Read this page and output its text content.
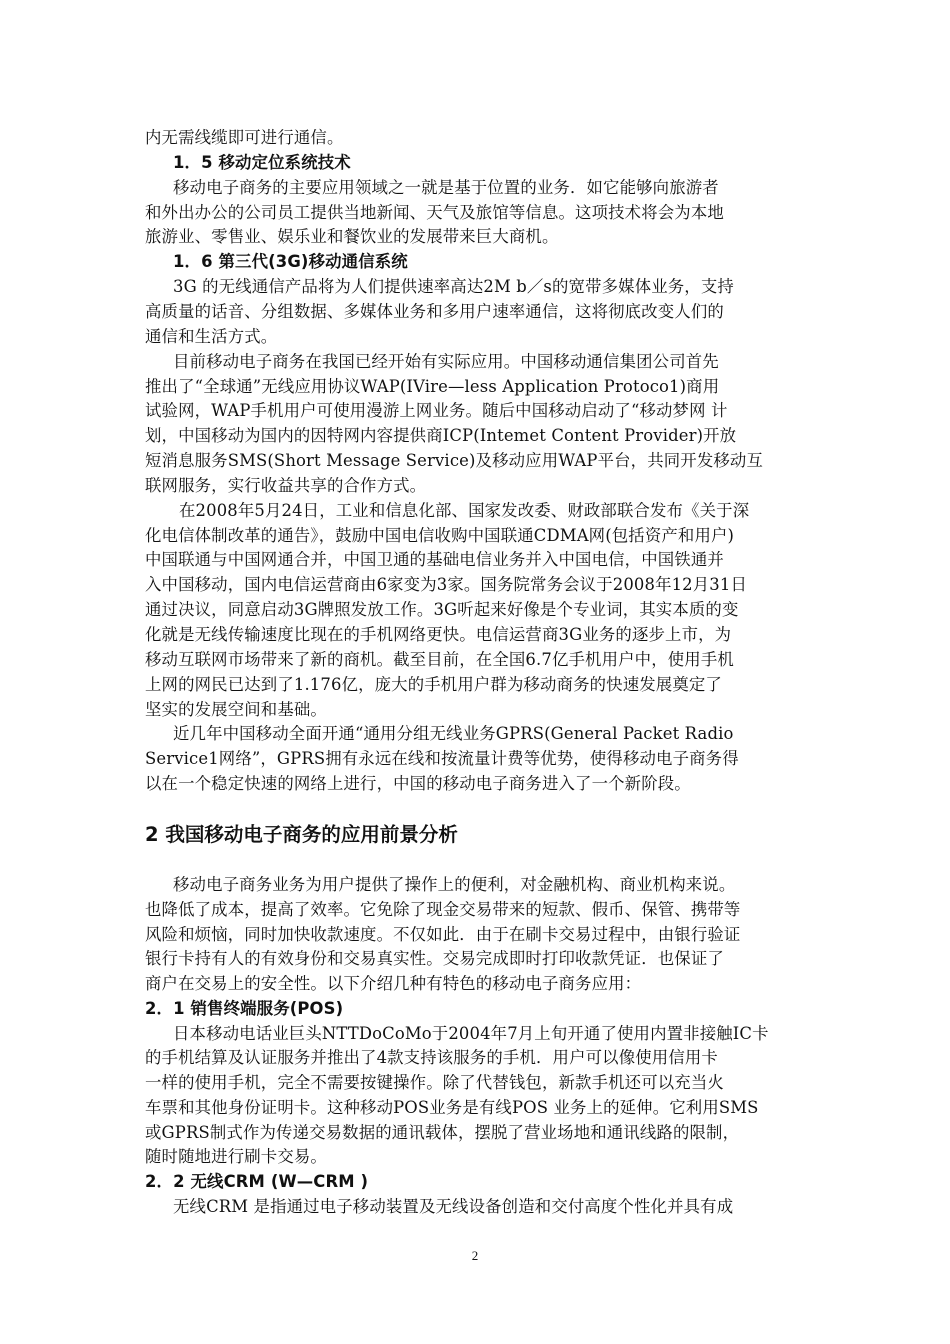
内无需线缆即可进行通信。
1．5 移动定位系统技术
移动电子商务的主要应用领域之一就是基于位置的业务．如它能够向旅游者
和外出办公的公司员工提供当地新闻、天气及旅馆等信息。这项技术将会为本地
旅游业、零售业、娱乐业和餐饮业的发展带来巨大商机。
1．6 第三代(3G)移动通信系统
3G 的无线通信产品将为人们提供速率高达2M b／s的宽带多媒体业务，支持
高质量的话音、分组数据、多媒体业务和多用户速率通信，这将彻底改变人们的
通信和生活方式。
目前移动电子商务在我国已经开始有实际应用。中国移动通信集团公司首先
推出了“全球通”无线应用协议WAP(IVire—less Application Protoco1)商用
试验网，WAP手机用户可使用漫游上网业务。随后中国移动启动了“移动梦网 计
划，中国移动为国内的因特网内容提供商ICP(Intemet Content Provider)开放
短消息服务SMS(Short Message Service)及移动应用WAP平台，共同开发移动互
联网服务，实行收益共享的合作方式。
在2008年5月24日，工业和信息化部、国家发改委、财政部联合发布《关于深
化电信体制改革的通告》，鼓励中国电信收购中国联通CDMA网(包括资产和用户)
中国联通与中国网通合并，中国卫通的基础电信业务并入中国电信，中国铁通并
入中国移动，国内电信运营商由6家变为3家。国务院常务会议于2008年12月31日
通过决议，同意启动3G牌照发放工作。3G听起来好像是个专业词，其实本质的变
化就是无线传输速度比现在的手机网络更快。电信运营商3G业务的逐步上市，为
移动互联网市场带来了新的商机。截至目前，在全国6.7亿手机用户中，使用手机
上网的网民已达到了1.176亿，庞大的手机用户群为移动商务的快速发展奠定了
坚实的发展空间和基础。
近几年中国移动全面开通“通用分组无线业务GPRS(General Packet Radio
Service1网络”，GPRS拥有永远在线和按流量计费等优势，使得移动电子商务得
以在一个稳定快速的网络上进行，中国的移动电子商务进入了一个新阶段。
2 我国移动电子商务的应用前景分析
移动电子商务业务为用户提供了操作上的便利，对金融机构、商业机构来说。
也降低了成本，提高了效率。它免除了现金交易带来的短款、假币、保管、携带等
风险和烦恼，同时加快收款速度。不仅如此．由于在刷卡交易过程中，由银行验证
银行卡持有人的有效身份和交易真实性。交易完成即时打印收款凭证．也保证了
商户在交易上的安全性。以下介绍几种有特色的移动电子商务应用：
2．1 销售终端服务(POS)
日本移动电话业巨头NTTDoCoMo于2004年7月上旬开通了使用内置非接触IC卡
的手机结算及认证服务并推出了4款支持该服务的手机．用户可以像使用信用卡
一样的使用手机，完全不需要按键操作。除了代替钱包，新款手机还可以充当火
车票和其他身份证明卡。这种移动POS业务是有线POS 业务上的延伸。它利用SMS
或GPRS制式作为传递交易数据的通讯载体，摆脱了营业场地和通讯线路的限制，
随时随地进行刷卡交易。
2．2 无线CRM (W—CRM )
无线CRM 是指通过电子移动装置及无线设备创造和交付高度个性化并具有成
2
